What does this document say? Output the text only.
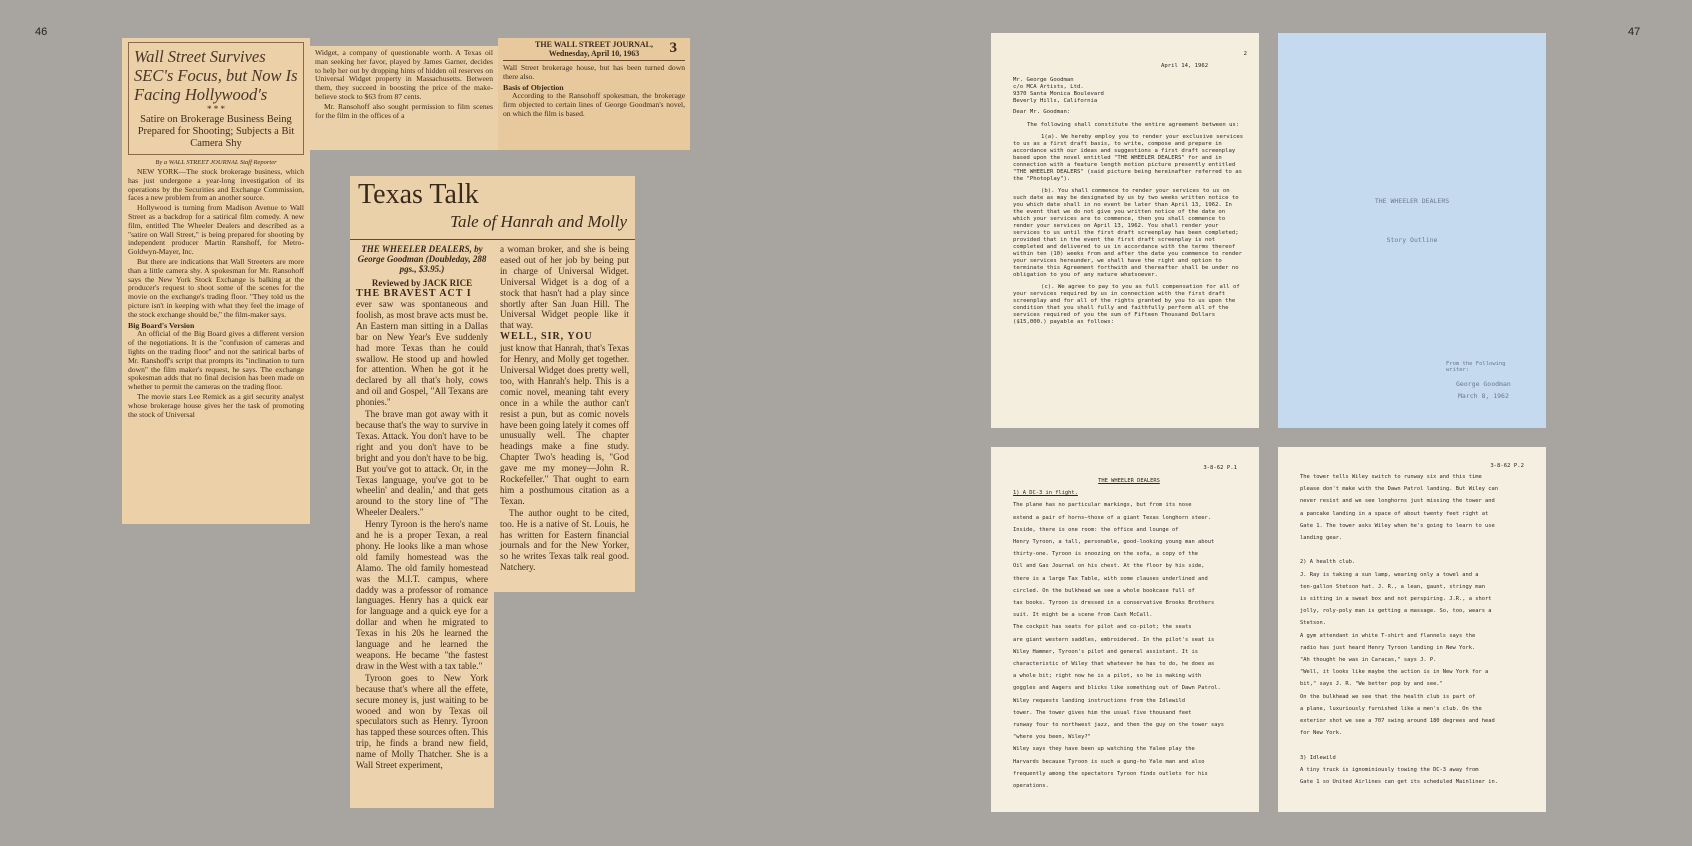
46	47
Wall Street Survives SEC's Focus, but Now Is Facing Hollywood's
* * *
Satire on Brokerage Business Being Prepared for Shooting; Subjects a Bit Camera Shy
By a WALL STREET JOURNAL Staff Reporter

NEW YORK—The stock brokerage business, which has just undergone a year-long investigation of its operations by the Securities and Exchange Commission, faces a new problem from an another source.

Hollywood is turning from Madison Avenue to Wall Street as a backdrop for a satirical film comedy. A new film, entitled The Wheeler Dealers and described as a "satire on Wall Street," is being prepared for shooting by independent producer Martin Ranshoff, for Metro-Goldwyn-Mayer, Inc.

But there are indications that Wall Streeters are more than a little camera shy. A spokesman for Mr. Ransohoff says the New York Stock Exchange is balking at the producer's request to shoot some of the scenes for the movie on the exchange's trading floor. "They told us the picture isn't in keeping with what they feel the image of the stock exchange should be," the film-maker says.

Big Board's Version

An official of the Big Board gives a different version of the negotiations. It is the "confusion of cameras and lights on the trading floor" and not the satirical barbs of Mr. Ranshoff's script that prompts its "inclination to turn down" the film maker's request, he says. The exchange spokesman adds that no final decision has been made on whether to permit the cameras on the trading floor.

The movie stars Lee Remick as a girl security analyst whose brokerage house gives her the task of promoting the stock of Universal

Widget, a company of questionable worth. A Texas oil man seeking her favor, played by James Garner, decides to help her out by dropping hints of hidden oil reserves on Universal Widget property in Massachusetts. Between them, they succeed in boosting the price of the make-believe stock to $63 from 87 cents.

Mr. Ransohoff also sought permission to film scenes for the film in the offices of a

THE WALL STREET JOURNAL,
Wednesday, April 10, 1963	3

Wall Street brokerage house, but has been turned down there also.

Basis of Objection

According to the Ransohoff spokesman, the brokerage firm objected to certain lines of George Goodman's novel, on which the film is based.

Texas Talk
Tale of Hanrah and Molly
THE WHEELER DEALERS, by George Goodman (Doubleday, 288 pgs., $3.95.)
Reviewed by JACK RICE
THE BRAVEST ACT I

ever saw was spontaneous and foolish, as most brave acts must be. An Eastern man sitting in a Dallas bar on New Year's Eve suddenly had more Texas than he could swallow. He stood up and howled for attention. When he got it he declared by all that's holy, cows and oil and Gospel, "All Texans are phonies."

The brave man got away with it because that's the way to survive in Texas. Attack. You don't have to be right and you don't have to be bright and you don't have to be big. But you've got to attack. Or, in the Texas language, you've got to be wheelin' and dealin,' and that gets around to the story line of "The Wheeler Dealers."

Henry Tyroon is the hero's name and he is a proper Texan, a real phony. He looks like a man whose old family homestead was the Alamo. The old family homestead was the M.I.T. campus, where daddy was a professor of romance languages. Henry has a quick ear for language and a quick eye for a dollar and when he migrated to Texas in his 20s he learned the language and he learned the weapons. He became "the fastest draw in the West with a tax table."

Tyroon goes to New York because that's where all the effete, secure money is, just waiting to be wooed and won by Texas oil speculators such as Henry. Tyroon has tapped these sources often. This trip, he finds a brand new field, name of Molly Thatcher. She is a Wall Street experiment,

a woman broker, and she is being eased out of her job by being put in charge of Universal Widget. Universal Widget is a dog of a stock that hasn't had a play since shortly after San Juan Hill. The Universal Widget people like it that way.

WELL, SIR, YOU

just know that Hanrah, that's Texas for Henry, and Molly get together. Universal Widget does pretty well, too, with Hanrah's help. This is a comic novel, meaning taht every once in a while the author can't resist a pun, but as comic novels have been going lately it comes off unusually well. The chapter headings make a fine study. Chapter Two's heading is, "God gave me my money—John R. Rockefeller." That ought to earn him a posthumous citation as a Texan.

The author ought to be cited, too. He is a native of St. Louis, he has written for Eastern financial journals and for the New Yorker, so he writes Texas talk real good. Natchery.

April 14, 1962
2

Mr. George Goodman

c/o MCA Artists, Ltd.

9370 Santa Monica Boulevard

Beverly Hills, California

Dear Mr. Goodman:

The following shall constitute the entire agreement between us:

1(a). We hereby employ you to render your exclusive services to us as a first draft basis, to write, compose and prepare in accordance with our ideas and suggestions a first draft screenplay based upon the novel entitled "THE WHEELER DEALERS" for and in connection with a feature length motion picture presently entitled "THE WHEELER DEALERS" (said picture being hereinafter referred to as the "Photoplay").

(b). You shall commence to render your services to us on such date as may be designated by us by two weeks written notice to you which date shall in no event be later than April 13, 1962. In the event that we do not give you written notice of the date on which your services are to commence, then you shall commence to render your services on April 13, 1962. You shall render your services to us until the first draft screenplay has been completed; provided that in the event the first draft screenplay is not completed and delivered to us in accordance with the terms thereof within ten (10) weeks from and after the date you commence to render your services hereunder, we shall have the right and option to terminate this Agreement forthwith and thereafter shall be under no obligation to you of any nature whatsoever.

(c). We agree to pay to you as full compensation for all of your services required by us in connection with the first draft screenplay and for all of the rights granted by you to us upon the condition that you shall fully and faithfully perform all of the services required of you the sum of Fifteen Thousand Dollars ($15,000.) payable as follows:

THE WHEELER DEALERS
Story Outline
From the Following writer:
George Goodman
March 8, 1962
3-8-62 P.1
THE WHEELER DEALERS
1) A DC-3 in flight.

The plane has no particular markings, but from its nose

extend a pair of horns—those of a giant Texas longhorn steer.

Inside, there is one room: the office and lounge of

Henry Tyroon, a tall, personable, good-looking young man about

thirty-one. Tyroon is snoozing on the sofa, a copy of the

Oil and Gas Journal on his chest. At the floor by his side,

there is a large Tax Table, with some clauses underlined and

circled. On the bulkhead we see a whole bookcase full of

tax books. Tyroon is dressed in a conservative Brooks Brothers

suit. It might be a scene from Cash McCall.

The cockpit has seats for pilot and co-pilot; the seats

are giant western saddles, embroidered. In the pilot's seat is

Wiley Hammer, Tyroon's pilot and general assistant. It is

characteristic of Wiley that whatever he has to do, he does as

a whole bit; right now he is a pilot, so he is making with

goggles and Aagers and blicks like something out of Dawn Patrol.

Wiley requests landing instructions from the Idlewild

tower. The tower gives him the usual five thousand feet

runway four to northwest jazz, and then the guy on the tower says

"where you been, Wiley?"

Wiley says they have been up watching the Yalee play the

Harvards because Tyroon is such a gung-ho Yale man and also

frequently among the spectators Tyroon finds outlets for his

operations.

3-8-62 P.2

The tower tells Wiley switch to runway six and this time

please don't make with the Dawn Patrol landing. But Wiley can

never resist and we see longhorns just missing the tower and

a pancake landing in a space of about twenty feet right at

Gate 1. The tower asks Wiley when he's going to learn to use

landing gear.

2) A health club.

J. Ray is taking a sun lamp, wearing only a towel and a

ten-gallon Stetson hat. J. R., a lean, gaunt, stringy man

is sitting in a sweat box and not perspiring. J.R., a short

jolly, roly-poly man is getting a massage. So, too, wears a

Stetson.

A gym attendant in white T-shirt and flannels says the

radio has just heard Henry Tyroon landing in New York.

"Ah thought he was in Caracas," says J. P.

"Well, it looks like maybe the action is in New York for a

bit," says J. R. "We better pop by and see."

On the bulkhead we see that the health club is part of

a plane, luxuriously furnished like a men's club. On the

exterior shot we see a 707 swing around 180 degrees and head

for New York.

3) Idlewild

A tiny truck is ignominiously towing the DC-3 away from

Gate 1 so United Airlines can get its scheduled Mainliner in.
